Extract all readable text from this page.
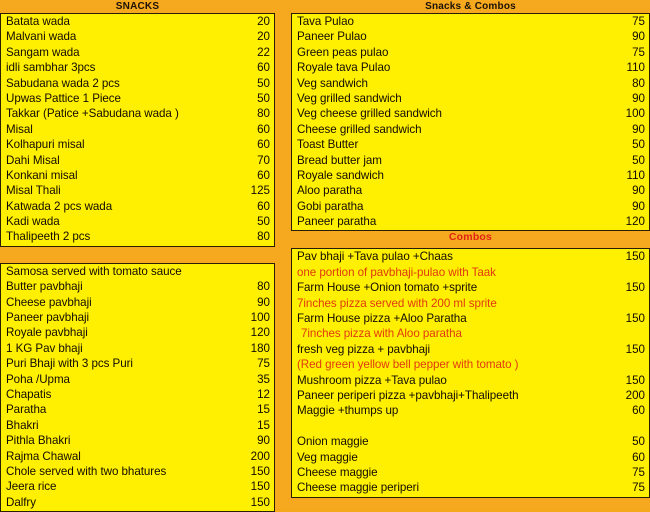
SNACKS
Batata wada	20
Malvani wada	20
Sangam wada	22
idli sambhar 3pcs	60
Sabudana wada 2 pcs	50
Upwas Pattice 1 Piece	50
Takkar (Patice +Sabudana wada )	80
Misal	60
Kolhapuri misal	60
Dahi Misal	70
Konkani misal	60
Misal Thali	125
Katwada 2 pcs wada	60
Kadi wada	50
Thalipeeth 2 pcs	80
Samosa served with tomato sauce
Butter pavbhaji	80
Cheese pavbhaji	90
Paneer pavbhaji	100
Royale pavbhaji	120
1 KG Pav bhaji	180
Puri Bhaji with 3 pcs Puri	75
Poha /Upma	35
Chapatis	12
Paratha	15
Bhakri	15
Pithla Bhakri	90
Rajma Chawal	200
Chole served with two bhatures	150
Jeera rice	150
Dalfry	150
Snacks & Combos
Tava Pulao	75
Paneer Pulao	90
Green peas pulao	75
Royale tava Pulao	110
Veg sandwich	80
Veg grilled sandwich	90
Veg cheese grilled sandwich	100
Cheese grilled sandwich	90
Toast Butter	50
Bread butter jam	50
Royale sandwich	110
Aloo paratha	90
Gobi paratha	90
Paneer paratha	120
Combos
Pav bhaji +Tava pulao +Chaas	150
one portion of pavbhaji-pulao with Taak
Farm House +Onion tomato +sprite	150
7inches pizza served with 200 ml sprite
Farm House pizza +Aloo Paratha	150
7inches pizza with Aloo paratha
fresh veg pizza + pavbhaji	150
(Red green yellow bell pepper with tomato )
Mushroom pizza +Tava pulao	150
Paneer periperi pizza +pavbhaji+Thalipeeth	200
Maggie +thumps up	60
Onion maggie	50
Veg maggie	60
Cheese maggie	75
Cheese maggie periperi	75
